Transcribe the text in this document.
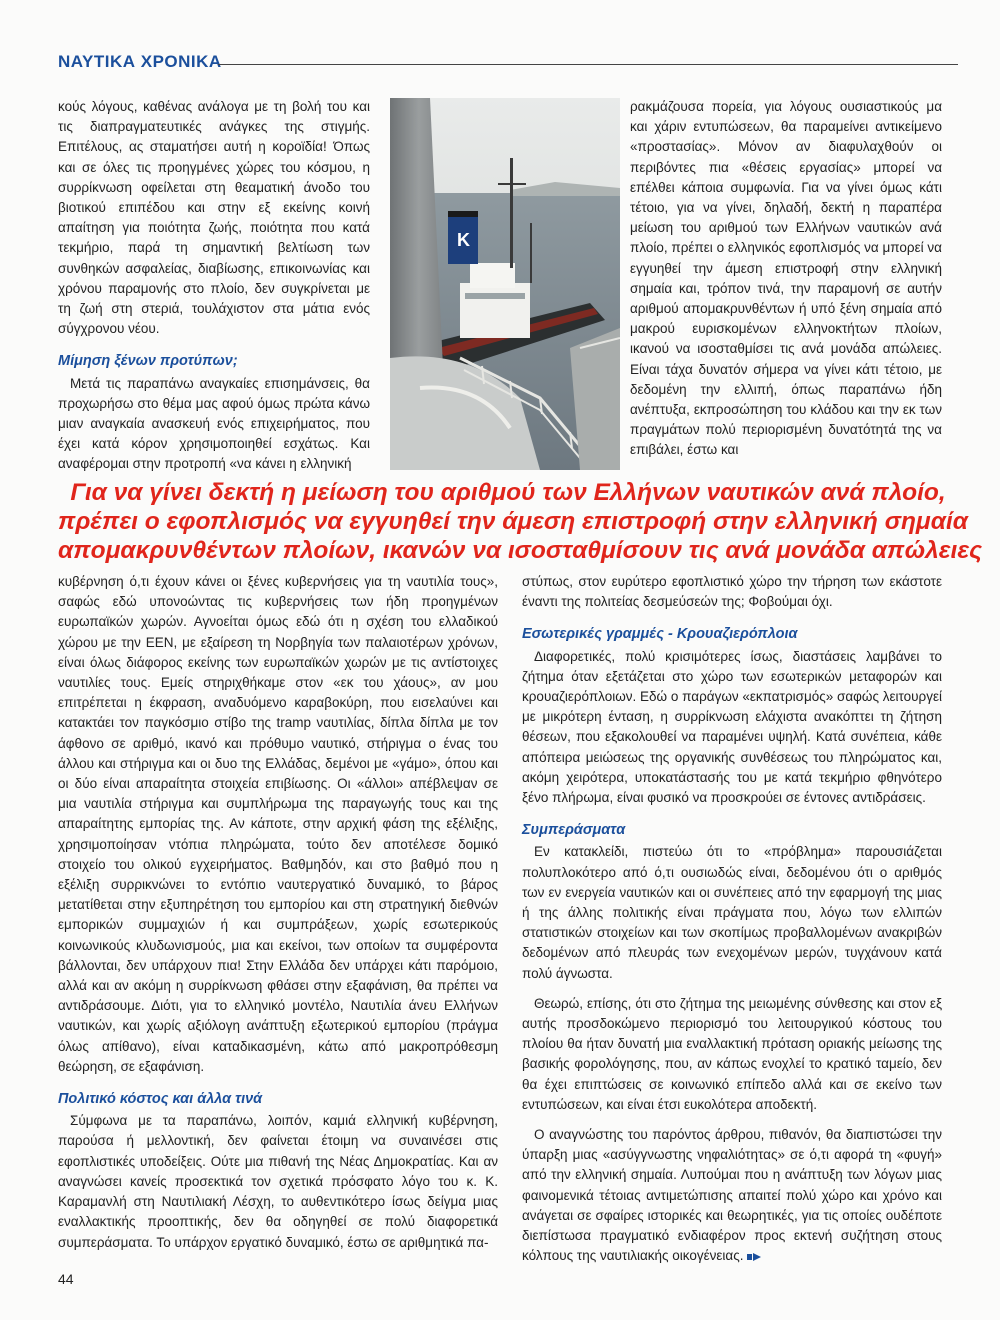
ΝΑΥΤΙΚΑ ΧΡΟΝΙΚΑ

κούς λόγους, καθένας ανάλογα με τη βολή του και τις διαπραγματευτικές ανάγκες της στιγμής. Επιτέλους, ας σταματήσει αυτή η κοροϊδία! Όπως και σε όλες τις προηγμένες χώρες του κόσμου, η συρρίκνωση οφείλεται στη θεαματική άνοδο του βιοτικού επιπέδου και στην εξ εκείνης κοινή απαίτηση για ποιότητα ζωής, ποιότητα που κατά τεκμήριο, παρά τη σημαντική βελτίωση των συνθηκών ασφαλείας, διαβίωσης, επικοινωνίας και χρόνου παραμονής στο πλοίο, δεν συγκρίνεται με τη ζωή στη στεριά, τουλάχιστον στα μάτια ενός σύγχρονου νέου.

Μίμηση ξένων προτύπων;

Μετά τις παραπάνω αναγκαίες επισημάνσεις, θα προχωρήσω στο θέμα μας αφού όμως πρώτα κάνω μιαν αναγκαία ανασκευή ενός επιχειρήματος, που έχει κατά κόρον χρησιμοποιηθεί εσχάτως. Και αναφέρομαι στην προτροπή «να κάνει η ελληνική

K

ρακμάζουσα πορεία, για λόγους ουσιαστικούς μα και χάριν εντυπώσεων, θα παραμείνει αντικείμενο «προστασίας». Μόνον αν διαφυλαχθούν οι περιβόντες πια «θέσεις εργασίας» μπορεί να επέλθει κάποια συμφωνία. Για να γίνει όμως κάτι τέτοιο, για να γίνει, δηλαδή, δεκτή η παραπέρα μείωση του αριθμού των Ελλήνων ναυτικών ανά πλοίο, πρέπει ο ελληνικός εφοπλισμός να μπορεί να εγγυηθεί την άμεση επιστροφή στην ελληνική σημαία και, τρόπον τινά, την παραμονή σε αυτήν αριθμού απομακρυνθέντων ή υπό ξένη σημαία από μακρού ευρισκομένων ελληνοκτήτων πλοίων, ικανού να ισοσταθμίσει τις ανά μονάδα απώλειες. Είναι τάχα δυνατόν σήμερα να γίνει κάτι τέτοιο, με δεδομένη την ελλιπή, όπως παραπάνω ήδη ανέπτυξα, εκπροσώπηση του κλάδου και την εκ των πραγμάτων πολύ περιορισμένη δυνατότητά της να επιβάλει, έστω και

Για να γίνει δεκτή η μείωση του αριθμού των Ελλήνων ναυτικών ανά πλοίο,
πρέπει ο εφοπλισμός να εγγυηθεί την άμεση επιστροφή στην ελληνική σημαία
απομακρυνθέντων πλοίων, ικανών να ισοσταθμίσουν τις ανά μονάδα απώλειες

κυβέρνηση ό,τι έχουν κάνει οι ξένες κυβερνήσεις για τη ναυτιλία τους», σαφώς εδώ υπονοώντας τις κυβερνήσεις των ήδη προηγμένων ευρωπαϊκών χωρών. Αγνοείται όμως εδώ ότι η σχέση του ελλαδικού χώρου με την ΕΕΝ, με εξαίρεση τη Νορβηγία των παλαιοτέρων χρόνων, είναι όλως διάφορος εκείνης των ευρωπαϊκών χωρών με τις αντίστοιχες ναυτιλίες τους. Εμείς στηριχθήκαμε στον «εκ του χάους», αν μου επιτρέπεται η έκφραση, αναδυόμενο καραβοκύρη, που εισελαύνει και κατακτάει τον παγκόσμιο στίβο της tramp ναυτιλίας, δίπλα δίπλα με τον άφθονο σε αριθμό, ικανό και πρόθυμο ναυτικό, στήριγμα ο ένας του άλλου και στήριγμα και οι δυο της Ελλάδας, δεμένοι με «γάμο», όπου και οι δύο είναι απαραίτητα στοιχεία επιβίωσης. Οι «άλλοι» απέβλεψαν σε μια ναυτιλία στήριγμα και συμπλήρωμα της παραγωγής τους και της απαραίτητης εμπορίας της. Αν κάποτε, στην αρχική φάση της εξέλιξης, χρησιμοποίησαν ντόπια πληρώματα, τούτο δεν αποτέλεσε δομικό στοιχείο του ολικού εγχειρήματος. Βαθμηδόν, και στο βαθμό που η εξέλιξη συρρικνώνει το εντόπιο ναυτεργατικό δυναμικό, το βάρος μετατίθεται στην εξυπηρέτηση του εμπορίου και στη στρατηγική διεθνών εμπορικών συμμαχιών ή και συμπράξεων, χωρίς εσωτερικούς κοινωνικούς κλυδωνισμούς, μια και εκείνοι, των οποίων τα συμφέροντα βάλλονται, δεν υπάρχουν πια! Στην Ελλάδα δεν υπάρχει κάτι παρόμοιο, αλλά και αν ακόμη η συρρίκνωση φθάσει στην εξαφάνιση, θα πρέπει να αντιδράσουμε. Διότι, για το ελληνικό μοντέλο, Ναυτιλία άνευ Ελλήνων ναυτικών, και χωρίς αξιόλογη ανάπτυξη εξωτερικού εμπορίου (πράγμα όλως απίθανο), είναι καταδικασμένη, κάτω από μακροπρόθεσμη θεώρηση, σε εξαφάνιση.

Πολιτικό κόστος και άλλα τινά

Σύμφωνα με τα παραπάνω, λοιπόν, καμιά ελληνική κυβέρνηση, παρούσα ή μελλοντική, δεν φαίνεται έτοιμη να συναινέσει στις εφοπλιστικές υποδείξεις. Ούτε μια πιθανή της Νέας Δημοκρατίας. Και αν αναγνώσει κανείς προσεκτικά τον σχετικά πρόσφατο λόγο του κ. Κ. Καραμανλή στη Ναυτιλιακή Λέσχη, το αυθεντικότερο ίσως δείγμα μιας εναλλακτικής προοπτικής, δεν θα οδηγηθεί σε πολύ διαφορετικά συμπεράσματα. Το υπάρχον εργατικό δυναμικό, έστω σε αριθμητικά πα-

στύπως, στον ευρύτερο εφοπλιστικό χώρο την τήρηση των εκάστοτε έναντι της πολιτείας δεσμεύσεών της; Φοβούμαι όχι.

Εσωτερικές γραμμές - Κρουαζιερόπλοια

Διαφορετικές, πολύ κρισιμότερες ίσως, διαστάσεις λαμβάνει το ζήτημα όταν εξετάζεται στο χώρο των εσωτερικών μεταφορών και κρουαζιερόπλοιων. Εδώ ο παράγων «εκπατρισμός» σαφώς λειτουργεί με μικρότερη ένταση, η συρρίκνωση ελάχιστα ανακόπτει τη ζήτηση θέσεων, που εξακολουθεί να παραμένει υψηλή. Κατά συνέπεια, κάθε απόπειρα μειώσεως της οργανικής συνθέσεως του πληρώματος και, ακόμη χειρότερα, υποκατάστασής του με κατά τεκμήριο φθηνότερο ξένο πλήρωμα, είναι φυσικό να προσκρούει σε έντονες αντιδράσεις.

Συμπεράσματα

Εν κατακλείδι, πιστεύω ότι το «πρόβλημα» παρουσιάζεται πολυπλοκότερο από ό,τι ουσιωδώς είναι, δεδομένου ότι ο αριθμός των εν ενεργεία ναυτικών και οι συνέπειες από την εφαρμογή της μιας ή της άλλης πολιτικής είναι πράγματα που, λόγω των ελλιπών στατιστικών στοιχείων και των σκοπίμως προβαλλομένων ανακριβών δεδομένων από πλευράς των ενεχομένων μερών, τυγχάνουν κατά πολύ άγνωστα.

Θεωρώ, επίσης, ότι στο ζήτημα της μειωμένης σύνθεσης και στον εξ αυτής προσδοκώμενο περιορισμό του λειτουργικού κόστους του πλοίου θα ήταν δυνατή μια εναλλακτική πρόταση οριακής μείωσης της βασικής φορολόγησης, που, αν κάπως ενοχλεί το κρατικό ταμείο, δεν θα έχει επιπτώσεις σε κοινωνικό επίπεδο αλλά και σε εκείνο των εντυπώσεων, και είναι έτσι ευκολότερα αποδεκτή.

Ο αναγνώστης του παρόντος άρθρου, πιθανόν, θα διαπιστώσει την ύπαρξη μιας «ασύγγνωστης νηφαλιότητας» σε ό,τι αφορά τη «φυγή» από την ελληνική σημαία. Λυπούμαι που η ανάπτυξη των λόγων μιας φαινομενικά τέτοιας αντιμετώπισης απαιτεί πολύ χώρο και χρόνο και ανάγεται σε σφαίρες ιστορικές και θεωρητικές, για τις οποίες ουδέποτε διεπίστωσα πραγματικό ενδιαφέρον προς εκτενή συζήτηση στους κόλπους της ναυτιλιακής οικογένειας.

44
